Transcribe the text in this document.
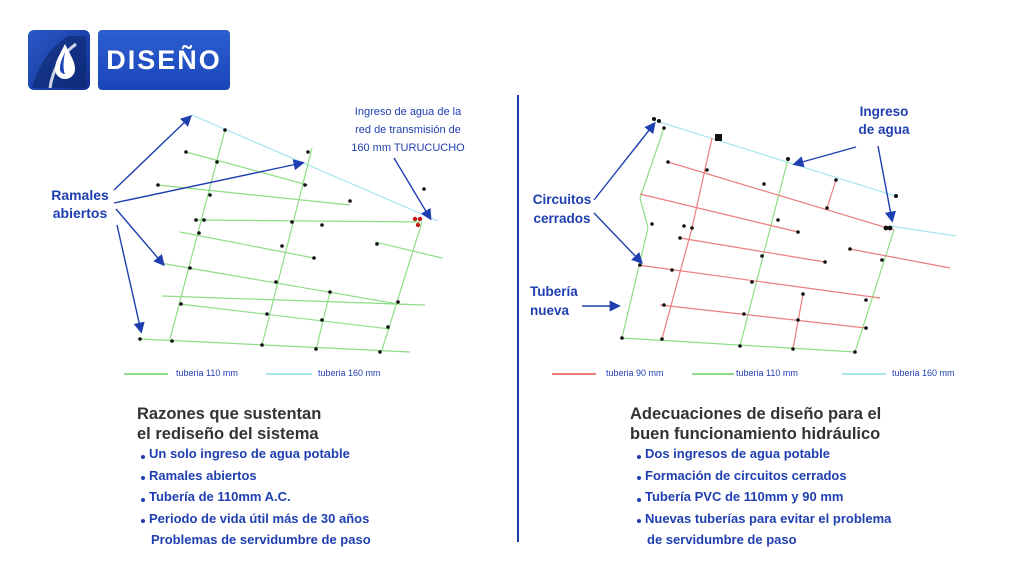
DISEÑO
Ramales
abiertos
Ingreso de agua de la
red de transmisión de
160 mm TURUCUCHO
Ingreso
de agua
Circuitos
cerrados
Tubería
nueva
tuberia 110 mm	tuberia 160 mm	tuberia 90 mm	tuberia 110 mm	tuberia 160 mm
Razones que sustentan
el rediseño del sistema
Adecuaciones de diseño para el
buen funcionamiento hidráulico
Un solo ingreso de agua potable
Ramales abiertos
Tubería de 110mm A.C.
Periodo de vida útil más de 30 años
Problemas de servidumbre de paso
Dos ingresos de agua potable
Formación de circuitos cerrados
Tubería PVC de 110mm y 90 mm
Nuevas tuberías para evitar el problema
de servidumbre de paso
